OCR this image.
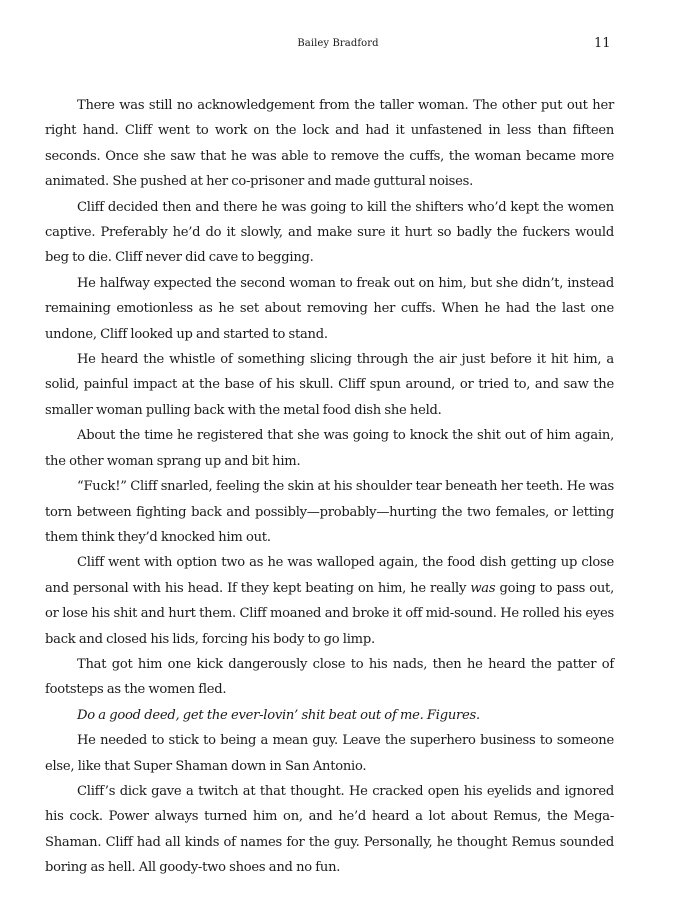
Bailey Bradford	11

There was still no acknowledgement from the taller woman. The other put out her right hand. Cliff went to work on the lock and had it unfastened in less than fifteen seconds. Once she saw that he was able to remove the cuffs, the woman became more animated. She pushed at her co-prisoner and made guttural noises.

Cliff decided then and there he was going to kill the shifters who’d kept the women captive. Preferably he’d do it slowly, and make sure it hurt so badly the fuckers would beg to die. Cliff never did cave to begging.

He halfway expected the second woman to freak out on him, but she didn’t, instead remaining emotionless as he set about removing her cuffs. When he had the last one undone, Cliff looked up and started to stand.

He heard the whistle of something slicing through the air just before it hit him, a solid, painful impact at the base of his skull. Cliff spun around, or tried to, and saw the smaller woman pulling back with the metal food dish she held.

About the time he registered that she was going to knock the shit out of him again, the other woman sprang up and bit him.

“Fuck!” Cliff snarled, feeling the skin at his shoulder tear beneath her teeth. He was torn between fighting back and possibly—probably—hurting the two females, or letting them think they’d knocked him out.

Cliff went with option two as he was walloped again, the food dish getting up close and personal with his head. If they kept beating on him, he really was going to pass out, or lose his shit and hurt them. Cliff moaned and broke it off mid-sound. He rolled his eyes back and closed his lids, forcing his body to go limp.

That got him one kick dangerously close to his nads, then he heard the patter of footsteps as the women fled.

Do a good deed, get the ever-lovin’ shit beat out of me. Figures.

He needed to stick to being a mean guy. Leave the superhero business to someone else, like that Super Shaman down in San Antonio.

Cliff’s dick gave a twitch at that thought. He cracked open his eyelids and ignored his cock. Power always turned him on, and he’d heard a lot about Remus, the Mega-Shaman. Cliff had all kinds of names for the guy. Personally, he thought Remus sounded boring as hell. All goody-two shoes and no fun.
